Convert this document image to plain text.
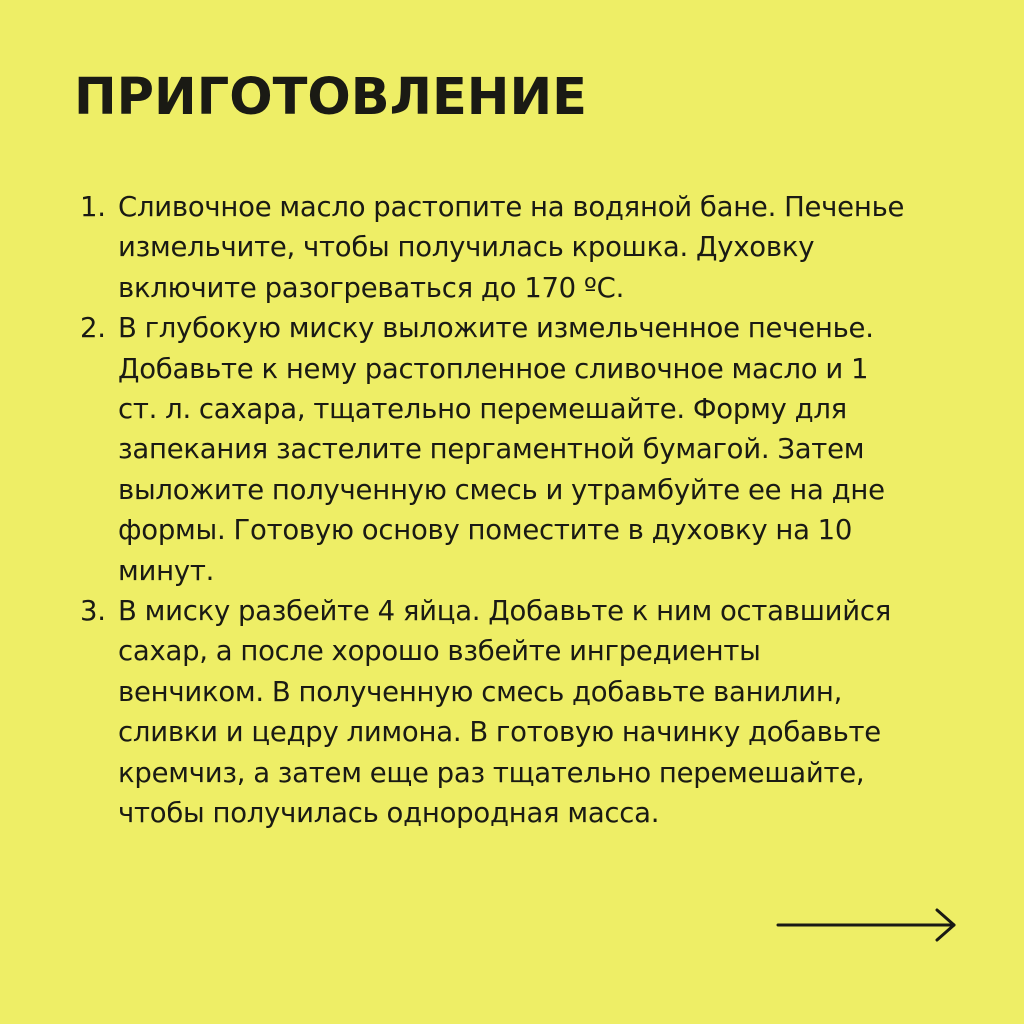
ПРИГОТОВЛЕНИЕ
1. Сливочное масло растопите на водяной бане. Печенье
измельчите, чтобы получилась крошка. Духовку
включите разогреваться до 170 ºС.
2. В глубокую миску выложите измельченное печенье.
Добавьте к нему растопленное сливочное масло и 1
ст. л. сахара, тщательно перемешайте. Форму для
запекания застелите пергаментной бумагой. Затем
выложите полученную смесь и утрамбуйте ее на дне
формы. Готовую основу поместите в духовку на 10
минут.
3. В миску разбейте 4 яйца. Добавьте к ним оставшийся
сахар, а после хорошо взбейте ингредиенты
венчиком. В полученную смесь добавьте ванилин,
сливки и цедру лимона. В готовую начинку добавьте
кремчиз, а затем еще раз тщательно перемешайте,
чтобы получилась однородная масса.
